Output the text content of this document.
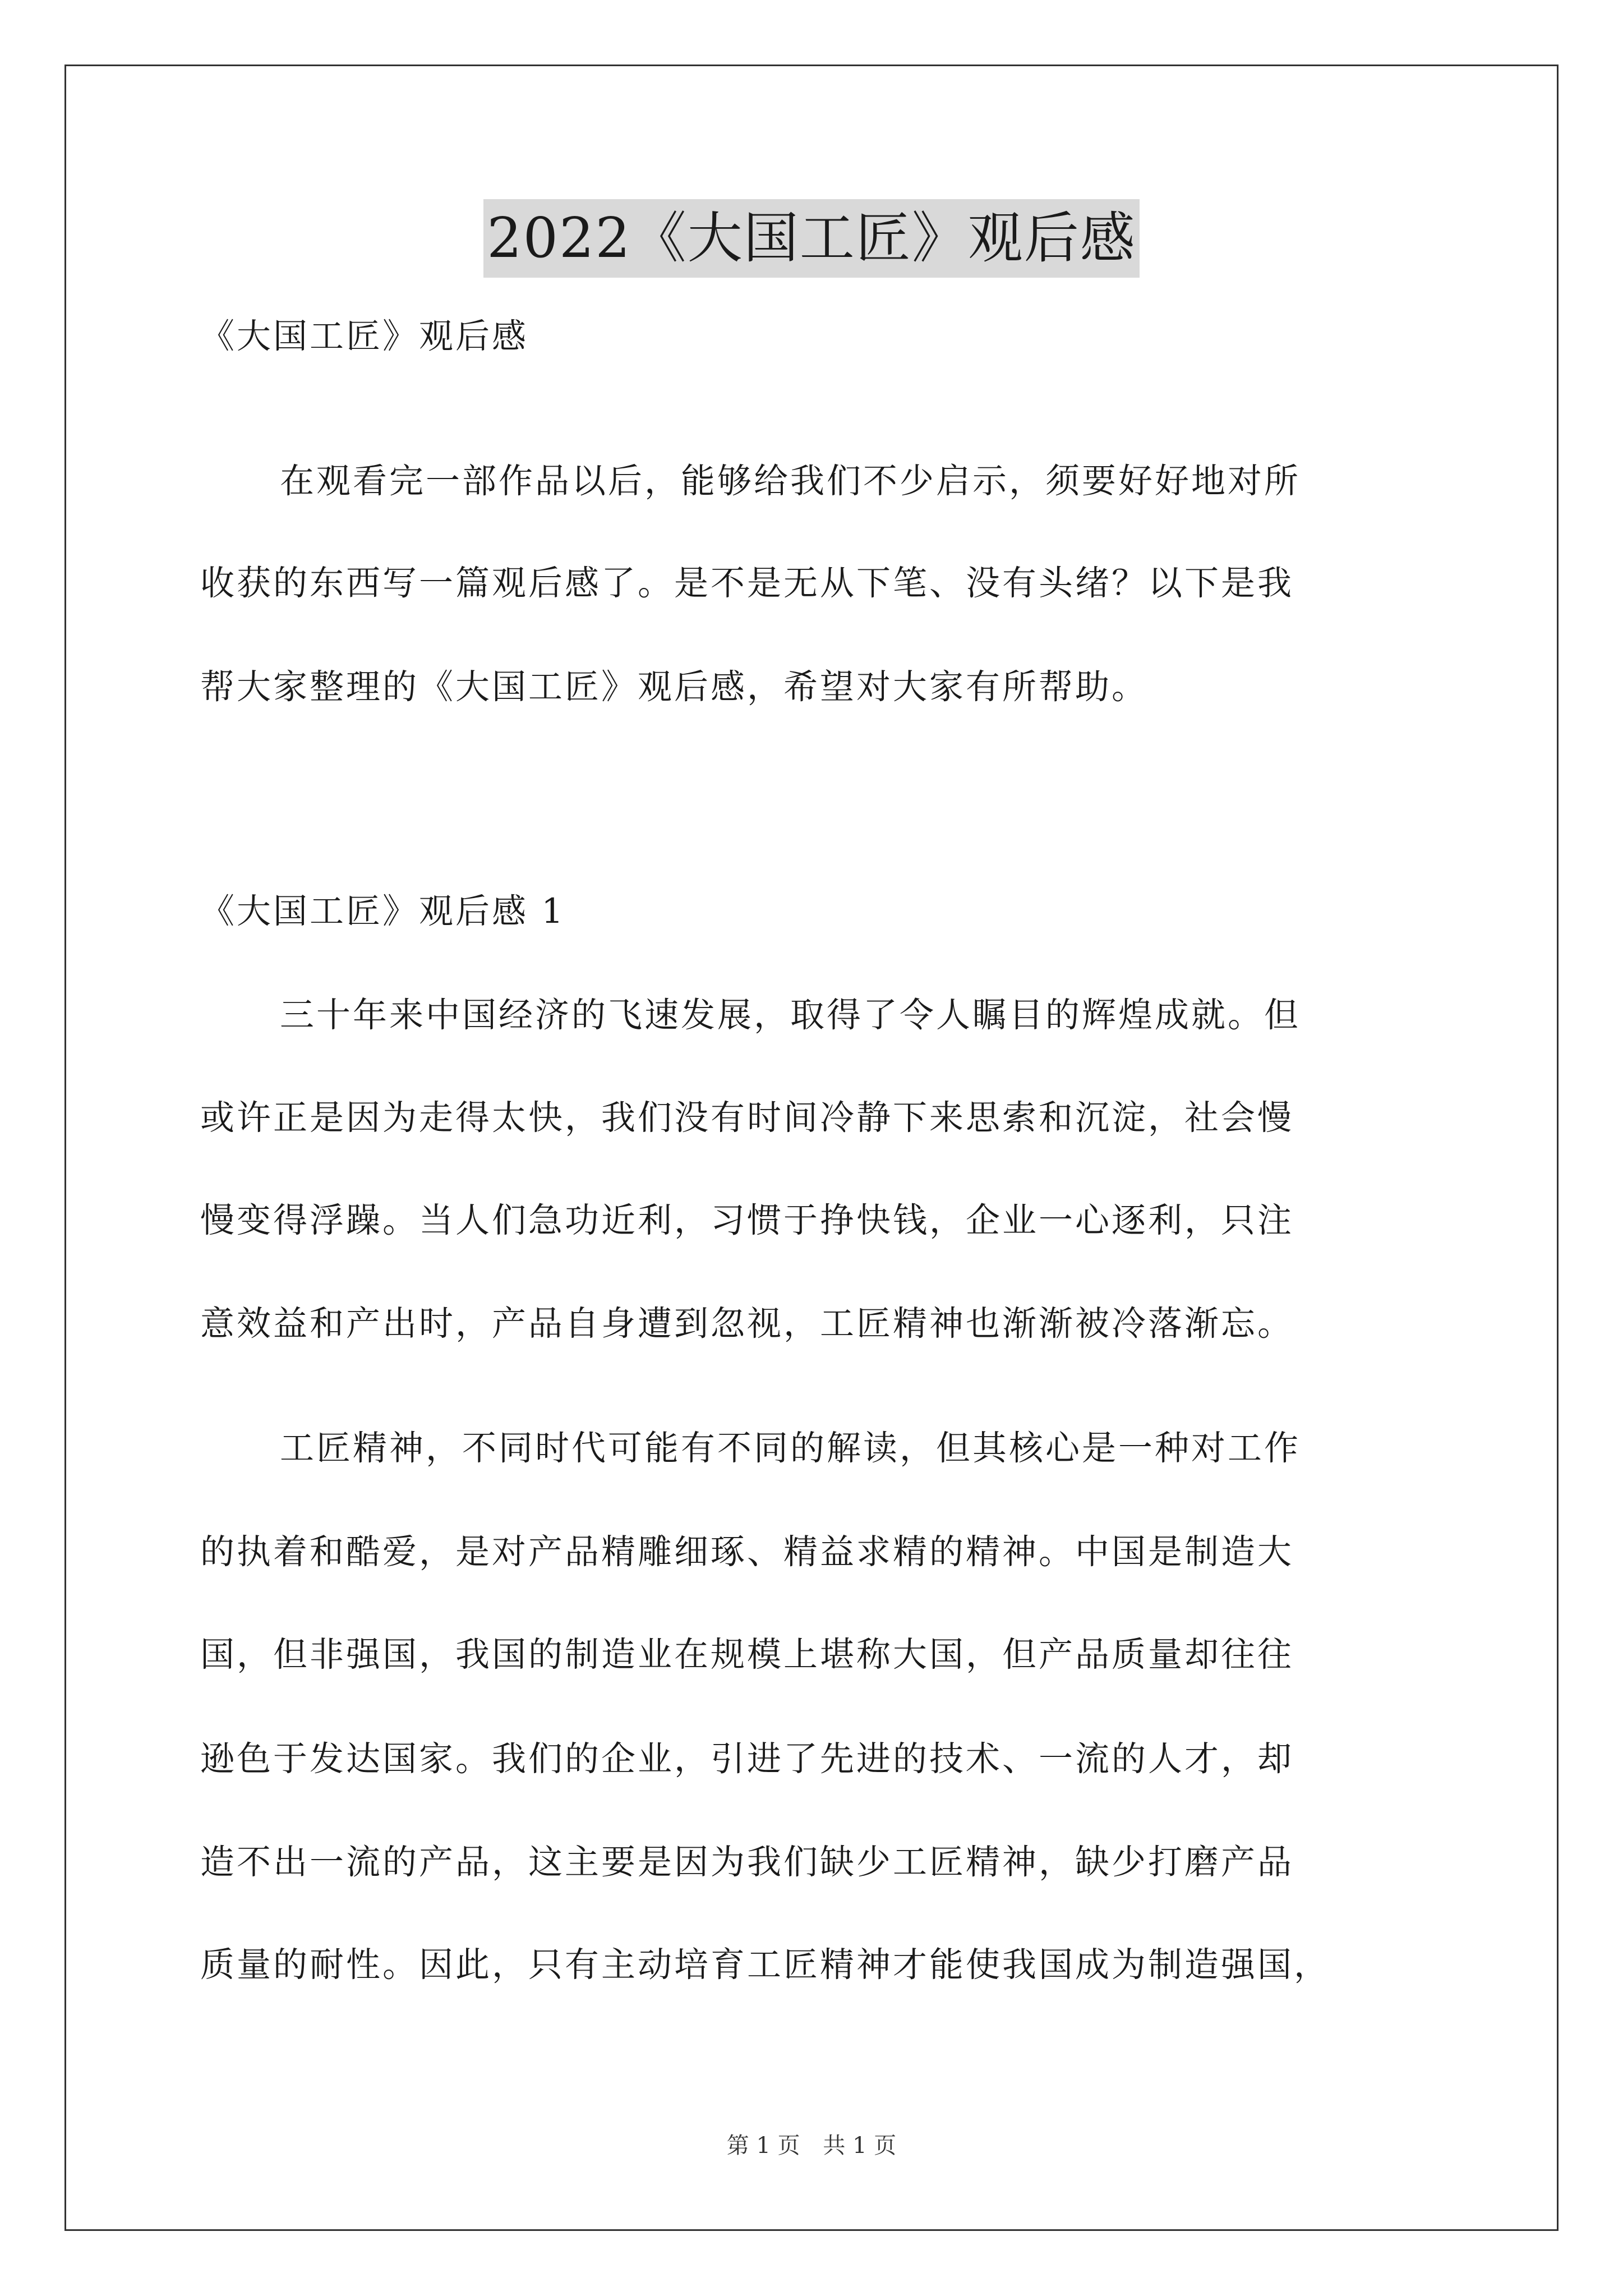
2022《大国工匠》观后感
《大国工匠》观后感
在观看完一部作品以后，能够给我们不少启示，须要好好地对所
收获的东西写一篇观后感了。是不是无从下笔、没有头绪？以下是我
帮大家整理的《大国工匠》观后感，希望对大家有所帮助。
《大国工匠》观后感 1
三十年来中国经济的飞速发展，取得了令人瞩目的辉煌成就。但
或许正是因为走得太快，我们没有时间冷静下来思索和沉淀，社会慢
慢变得浮躁。当人们急功近利，习惯于挣快钱，企业一心逐利，只注
意效益和产出时，产品自身遭到忽视，工匠精神也渐渐被冷落渐忘。
工匠精神，不同时代可能有不同的解读，但其核心是一种对工作
的执着和酷爱，是对产品精雕细琢、精益求精的精神。中国是制造大
国，但非强国，我国的制造业在规模上堪称大国，但产品质量却往往
逊色于发达国家。我们的企业，引进了先进的技术、一流的人才，却
造不出一流的产品，这主要是因为我们缺少工匠精神，缺少打磨产品
质量的耐性。因此，只有主动培育工匠精神才能使我国成为制造强国，
第 1 页 共 1 页
